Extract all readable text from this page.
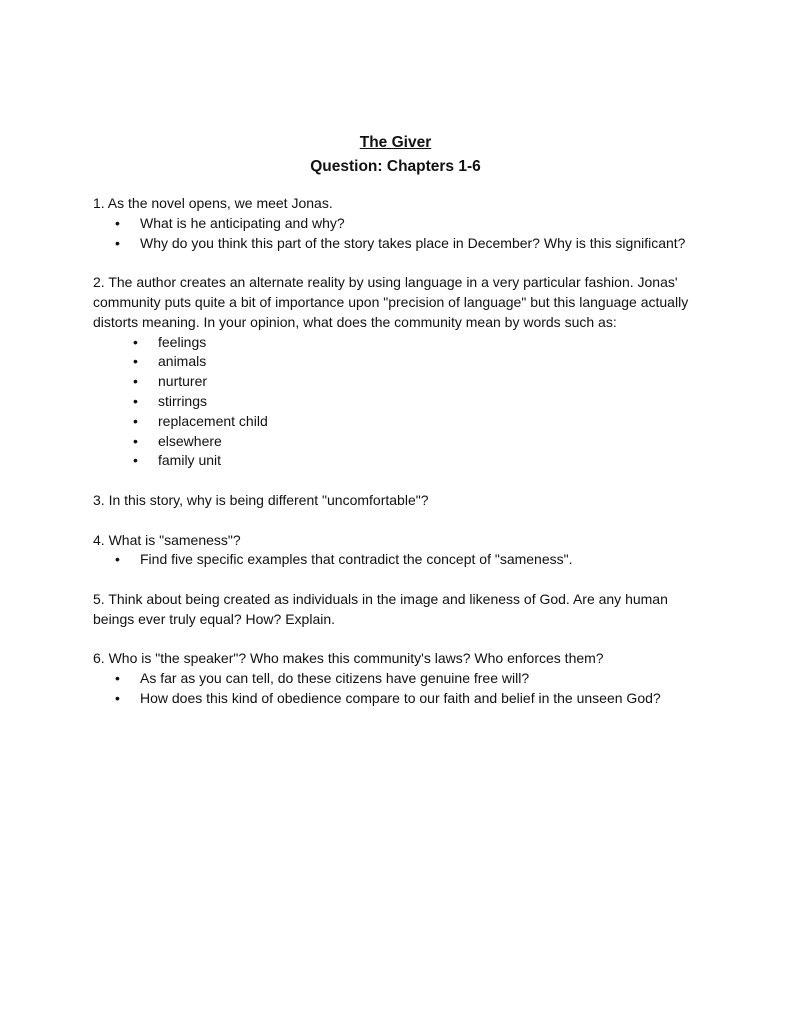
The Giver
Question: Chapters 1-6

1. As the novel opens, we meet Jonas.

• What is he anticipating and why?
• Why do you think this part of the story takes place in December? Why is this significant?

2. The author creates an alternate reality by using language in a very particular fashion. Jonas' community puts quite a bit of importance upon "precision of language" but this language actually distorts meaning. In your opinion, what does the community mean by words such as:

• feelings
• animals
• nurturer
• stirrings
• replacement child
• elsewhere
• family unit

3. In this story, why is being different "uncomfortable"?

4. What is "sameness"?

• Find five specific examples that contradict the concept of "sameness".

5. Think about being created as individuals in the image and likeness of God. Are any human beings ever truly equal? How? Explain.

6. Who is "the speaker"? Who makes this community's laws? Who enforces them?

• As far as you can tell, do these citizens have genuine free will?
• How does this kind of obedience compare to our faith and belief in the unseen God?
